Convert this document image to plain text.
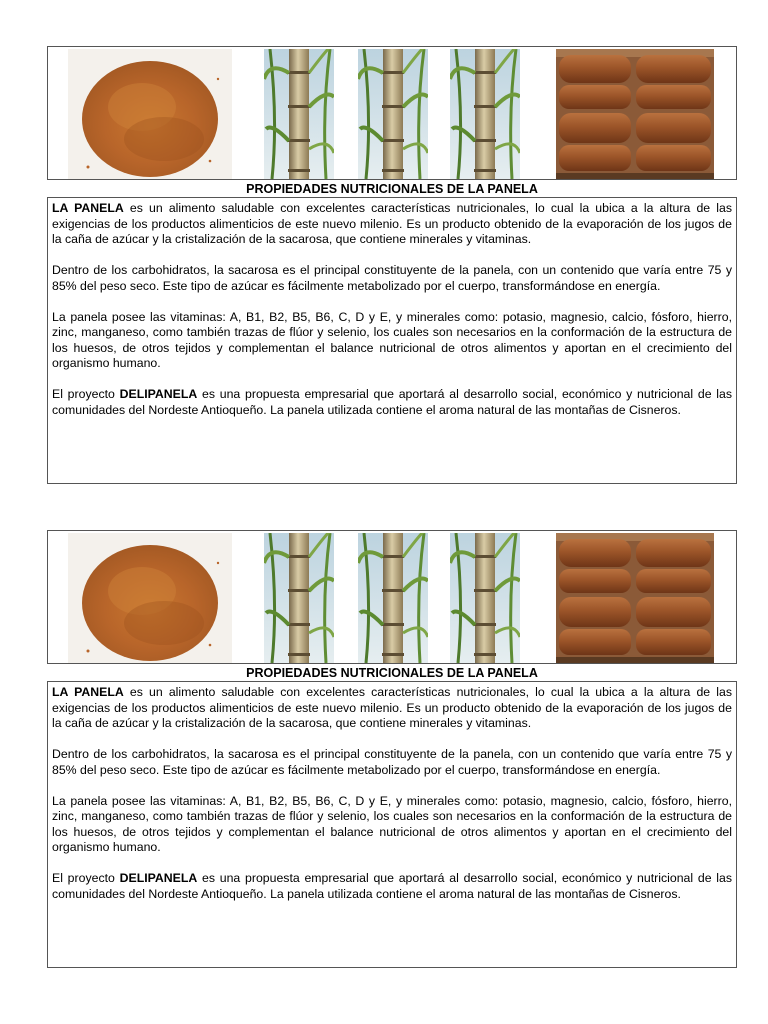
PROPIEDADES NUTRICIONALES DE LA PANELA

LA PANELA es un alimento saludable con excelentes características nutricionales, lo cual la ubica a la altura de las exigencias de los productos alimenticios de este nuevo milenio. Es un producto obtenido de la evaporación de los jugos de la caña de azúcar y la cristalización de la sacarosa, que contiene minerales y vitaminas.

Dentro de los carbohidratos, la sacarosa es el principal constituyente de la panela, con un contenido que varía entre 75 y 85% del peso seco. Este tipo de azúcar es fácilmente metabolizado por el cuerpo, transformándose en energía.

La panela posee las vitaminas: A, B1, B2, B5, B6, C, D y E, y minerales como: potasio, magnesio, calcio, fósforo, hierro, zinc, manganeso, como también trazas de flúor y selenio, los cuales son necesarios en la conformación de la estructura de los huesos, de otros tejidos y complementan el balance nutricional de otros alimentos y aportan en el crecimiento del organismo humano.

El proyecto DELIPANELA es una propuesta empresarial que aportará al desarrollo social, económico y nutricional de las comunidades del Nordeste Antioqueño. La panela utilizada contiene el aroma natural de las montañas de Cisneros.

PROPIEDADES NUTRICIONALES DE LA PANELA

LA PANELA es un alimento saludable con excelentes características nutricionales, lo cual la ubica a la altura de las exigencias de los productos alimenticios de este nuevo milenio. Es un producto obtenido de la evaporación de los jugos de la caña de azúcar y la cristalización de la sacarosa, que contiene minerales y vitaminas.

Dentro de los carbohidratos, la sacarosa es el principal constituyente de la panela, con un contenido que varía entre 75 y 85% del peso seco. Este tipo de azúcar es fácilmente metabolizado por el cuerpo, transformándose en energía.

La panela posee las vitaminas: A, B1, B2, B5, B6, C, D y E, y minerales como: potasio, magnesio, calcio, fósforo, hierro, zinc, manganeso, como también trazas de flúor y selenio, los cuales son necesarios en la conformación de la estructura de los huesos, de otros tejidos y complementan el balance nutricional de otros alimentos y aportan en el crecimiento del organismo humano.

El proyecto DELIPANELA es una propuesta empresarial que aportará al desarrollo social, económico y nutricional de las comunidades del Nordeste Antioqueño. La panela utilizada contiene el aroma natural de las montañas de Cisneros.
